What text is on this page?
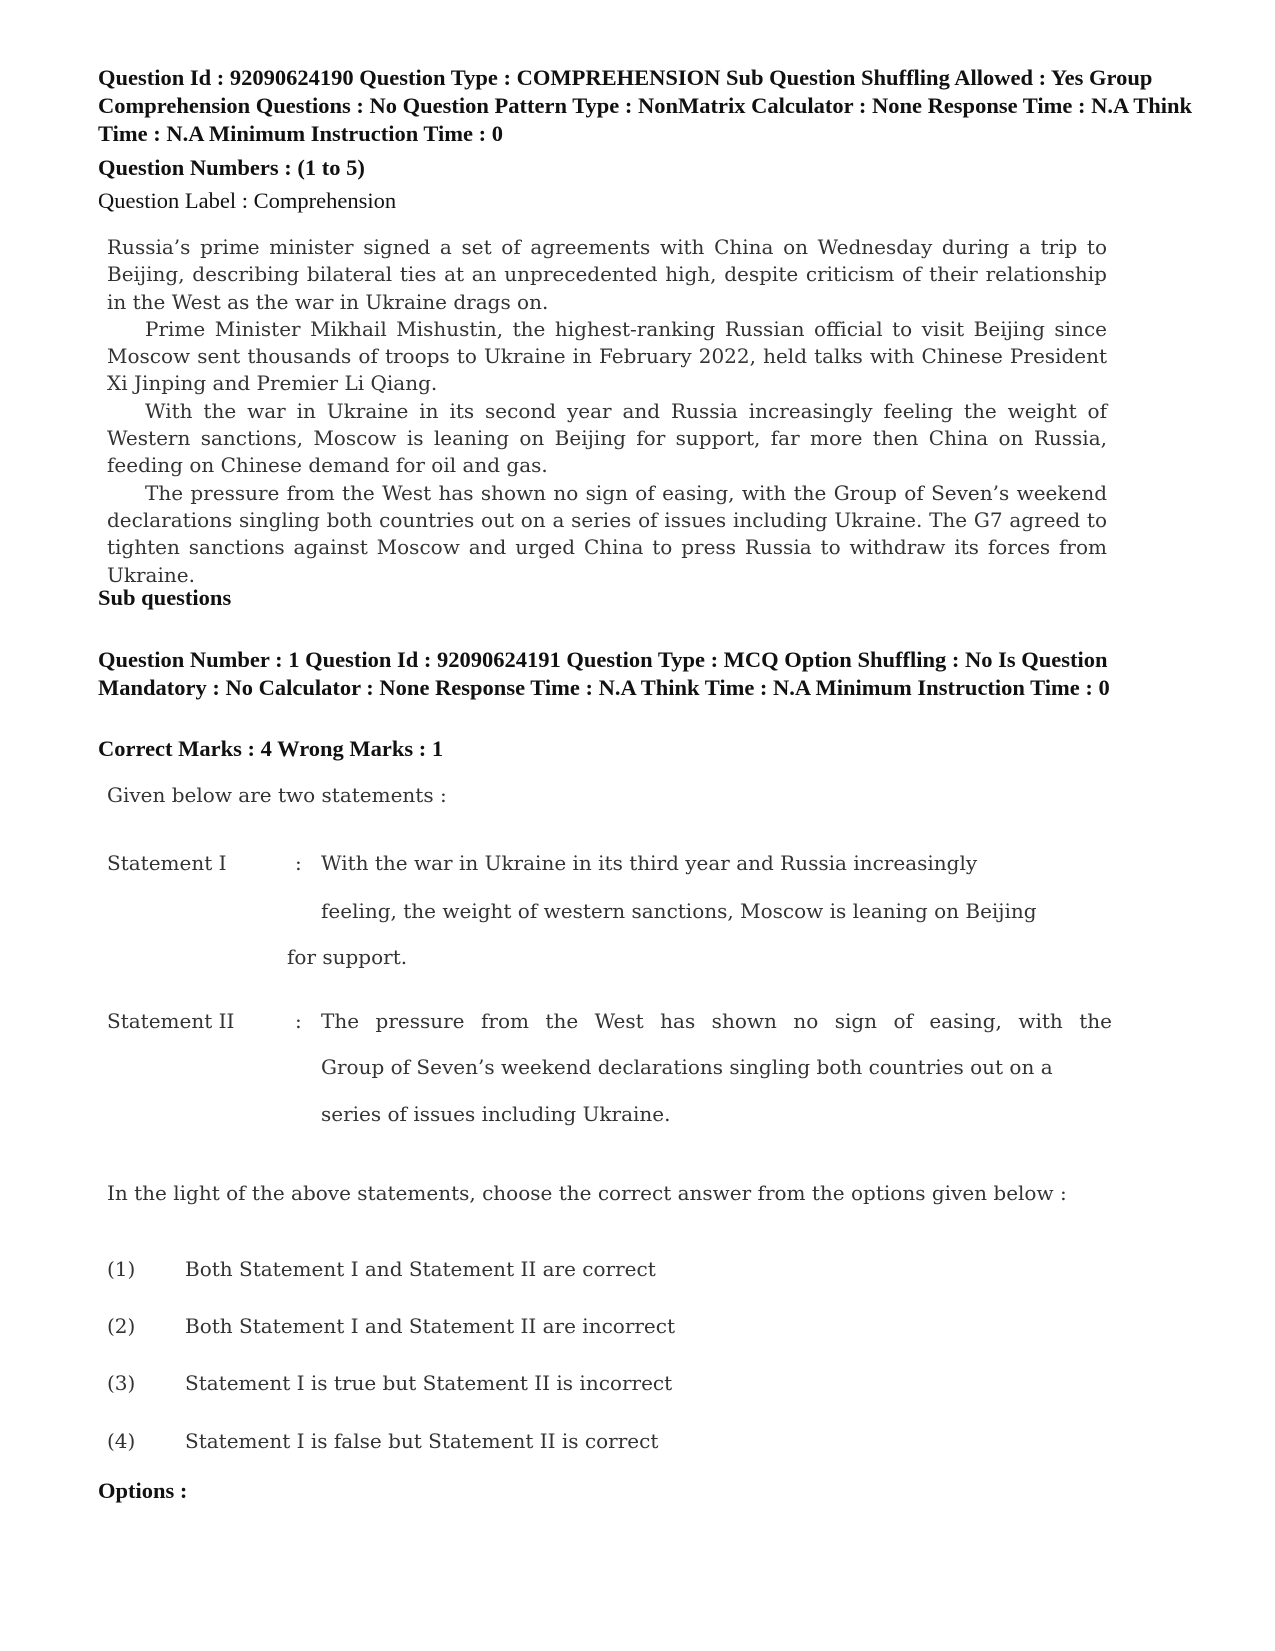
Question Id : 92090624190 Question Type : COMPREHENSION Sub Question Shuffling Allowed : Yes Group Comprehension Questions : No Question Pattern Type : NonMatrix Calculator : None Response Time : N.A Think Time : N.A Minimum Instruction Time : 0

Question Numbers : (1 to 5)

Question Label : Comprehension

Russia’s prime minister signed a set of agreements with China on Wednesday during a trip to Beijing, describing bilateral ties at an unprecedented high, despite criticism of their relationship in the West as the war in Ukraine drags on.

Prime Minister Mikhail Mishustin, the highest-ranking Russian official to visit Beijing since Moscow sent thousands of troops to Ukraine in February 2022, held talks with Chinese President Xi Jinping and Premier Li Qiang.

With the war in Ukraine in its second year and Russia increasingly feeling the weight of Western sanctions, Moscow is leaning on Beijing for support, far more then China on Russia, feeding on Chinese demand for oil and gas.

The pressure from the West has shown no sign of easing, with the Group of Seven’s weekend declarations singling both countries out on a series of issues including Ukraine. The G7 agreed to tighten sanctions against Moscow and urged China to press Russia to withdraw its forces from Ukraine.

Sub questions

Question Number : 1 Question Id : 92090624191 Question Type : MCQ Option Shuffling : No Is Question Mandatory : No Calculator : None Response Time : N.A Think Time : N.A Minimum Instruction Time : 0

Correct Marks : 4 Wrong Marks : 1

Given below are two statements :
Statement I	: With the war in Ukraine in its third year and Russia increasingly
feeling, the weight of western sanctions, Moscow is leaning on Beijing
for support.
Statement II	: The pressure from the West has shown no sign of easing, with the
Group of Seven’s weekend declarations singling both countries out on a
series of issues including Ukraine.
In the light of the above statements, choose the correct answer from the options given below :
(1) Both Statement I and Statement II are correct
(2) Both Statement I and Statement II are incorrect
(3) Statement I is true but Statement II is incorrect
(4) Statement I is false but Statement II is correct

Options :
